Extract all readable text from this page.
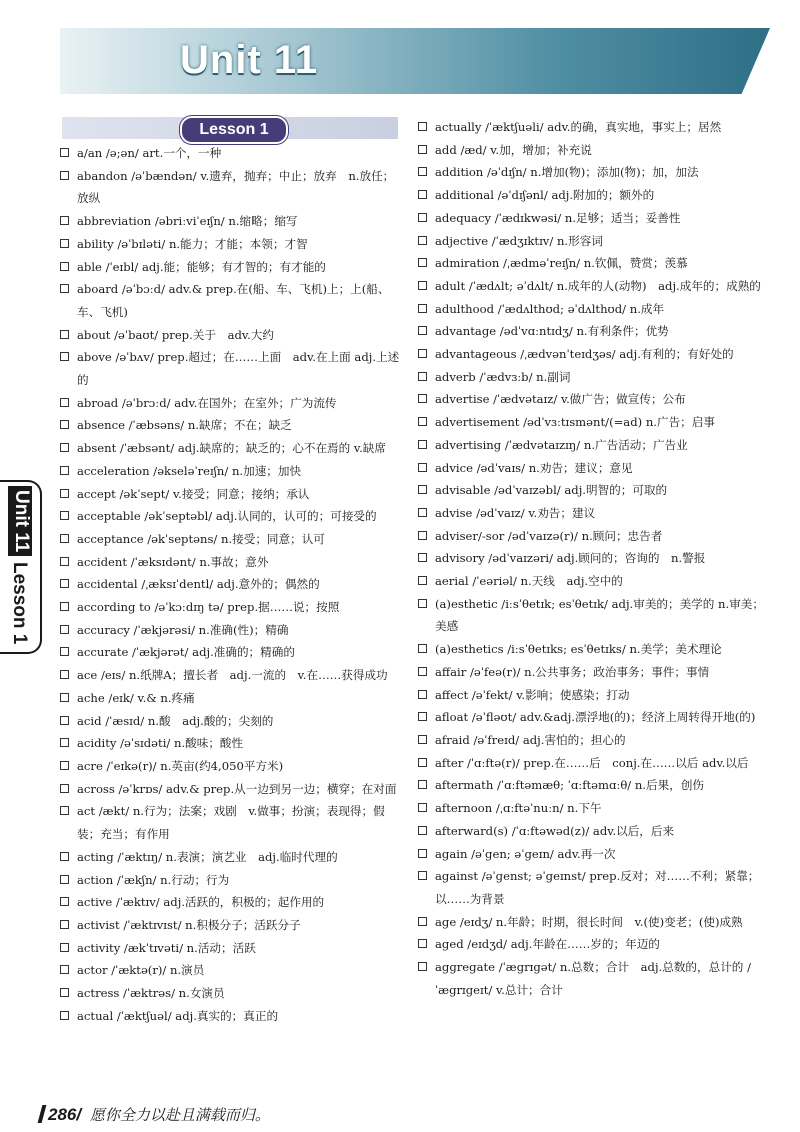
Unit 11
Lesson 1
Unit 11
Lesson 1
a/an /ə;ən/ art.一个，一种
abandon /əˈbændən/ v.遗弃，抛弃；中止；放弃　n.放任；放纵
abbreviation /əbriːviˈeɪʃn/ n.缩略；缩写
ability /əˈbɪləti/ n.能力；才能；本领；才智
able /ˈeɪbl/ adj.能；能够；有才智的；有才能的
aboard /əˈbɔːd/ adv.& prep.在(船、车、飞机)上；上(船、车、飞机)
about /əˈbaʊt/ prep.关于　adv.大约
above /əˈbʌv/ prep.超过；在……上面　adv.在上面 adj.上述的
abroad /əˈbrɔːd/ adv.在国外；在室外；广为流传
absence /ˈæbsəns/ n.缺席；不在；缺乏
absent /ˈæbsənt/ adj.缺席的；缺乏的；心不在焉的 v.缺席
acceleration /əkseləˈreɪʃn/ n.加速；加快
accept /əkˈsept/ v.接受；同意；接纳；承认
acceptable /əkˈseptəbl/ adj.认同的，认可的；可接受的
acceptance /əkˈseptəns/ n.接受；同意；认可
accident /ˈæksɪdənt/ n.事故；意外
accidental /ˌæksɪˈdentl/ adj.意外的；偶然的
according to /əˈkɔːdɪŋ tə/ prep.据……说；按照
accuracy /ˈækjərəsi/ n.准确(性)；精确
accurate /ˈækjərət/ adj.准确的；精确的
ace /eɪs/ n.纸牌A；擅长者　adj.一流的　v.在……获得成功
ache /eɪk/ v.& n.疼痛
acid /ˈæsɪd/ n.酸　adj.酸的；尖刻的
acidity /əˈsɪdəti/ n.酸味；酸性
acre /ˈeɪkə(r)/ n.英亩(约4,050平方米)
across /əˈkrɒs/ adv.& prep.从一边到另一边；横穿；在对面
act /ækt/ n.行为；法案；戏剧　v.做事；扮演；表现得；假装；充当；有作用
acting /ˈæktɪŋ/ n.表演；演艺业　adj.临时代理的
action /ˈækʃn/ n.行动；行为
active /ˈæktɪv/ adj.活跃的，积极的；起作用的
activist /ˈæktɪvɪst/ n.积极分子；活跃分子
activity /ækˈtɪvəti/ n.活动；活跃
actor /ˈæktə(r)/ n.演员
actress /ˈæktrəs/ n.女演员
actual /ˈæktʃuəl/ adj.真实的；真正的
actually /ˈæktʃuəli/ adv.的确，真实地，事实上；居然
add /æd/ v.加，增加；补充说
addition /əˈdɪʃn/ n.增加(物)；添加(物)；加，加法
additional /əˈdɪʃənl/ adj.附加的；额外的
adequacy /ˈædɪkwəsi/ n.足够；适当；妥善性
adjective /ˈædʒɪktɪv/ n.形容词
admiration /ˌædməˈreɪʃn/ n.钦佩，赞赏；羡慕
adult /ˈædʌlt; əˈdʌlt/ n.成年的人(动物)　adj.成年的；成熟的
adulthood /ˈædʌlthʊd; əˈdʌlthʊd/ n.成年
advantage /ədˈvɑːntɪdʒ/ n.有利条件；优势
advantageous /ˌædvənˈteɪdʒəs/ adj.有利的；有好处的
adverb /ˈædvɜːb/ n.副词
advertise /ˈædvətaɪz/ v.做广告；做宣传；公布
advertisement /ədˈvɜːtɪsmənt/(=ad) n.广告；启事
advertising /ˈædvətaɪzɪŋ/ n.广告活动；广告业
advice /ədˈvaɪs/ n.劝告；建议；意见
advisable /ədˈvaɪzəbl/ adj.明智的；可取的
advise /ədˈvaɪz/ v.劝告；建议
adviser/-sor /ədˈvaɪzə(r)/ n.顾问；忠告者
advisory /ədˈvaɪzəri/ adj.顾问的；咨询的　n.警报
aerial /ˈeəriəl/ n.天线　adj.空中的
(a)esthetic /iːsˈθetɪk; esˈθetɪk/ adj.审美的；美学的 n.审美；美感
(a)esthetics /iːsˈθetɪks; esˈθetɪks/ n.美学；美术理论
affair /əˈfeə(r)/ n.公共事务；政治事务；事件；事情
affect /əˈfekt/ v.影响；使感染；打动
afloat /əˈfləʊt/ adv.&adj.漂浮地(的)；经济上周转得开地(的)
afraid /əˈfreɪd/ adj.害怕的；担心的
after /ˈɑːftə(r)/ prep.在……后　conj.在……以后 adv.以后
aftermath /ˈɑːftəmæθ; ˈɑːftəmɑːθ/ n.后果，创伤
afternoon /ˌɑːftəˈnuːn/ n.下午
afterward(s) /ˈɑːftəwəd(z)/ adv.以后，后来
again /əˈgen; əˈgeɪn/ adv.再一次
against /əˈgenst; əˈgeɪnst/ prep.反对；对……不利；紧靠；以……为背景
age /eɪdʒ/ n.年龄；时期，很长时间　v.(使)变老；(使)成熟
aged /eɪdʒd/ adj.年龄在……岁的；年迈的
aggregate /ˈægrɪgət/ n.总数；合计　adj.总数的，总计的 /ˈægrɪgeɪt/ v.总计；合计
286/ 愿你全力以赴且满载而归。
